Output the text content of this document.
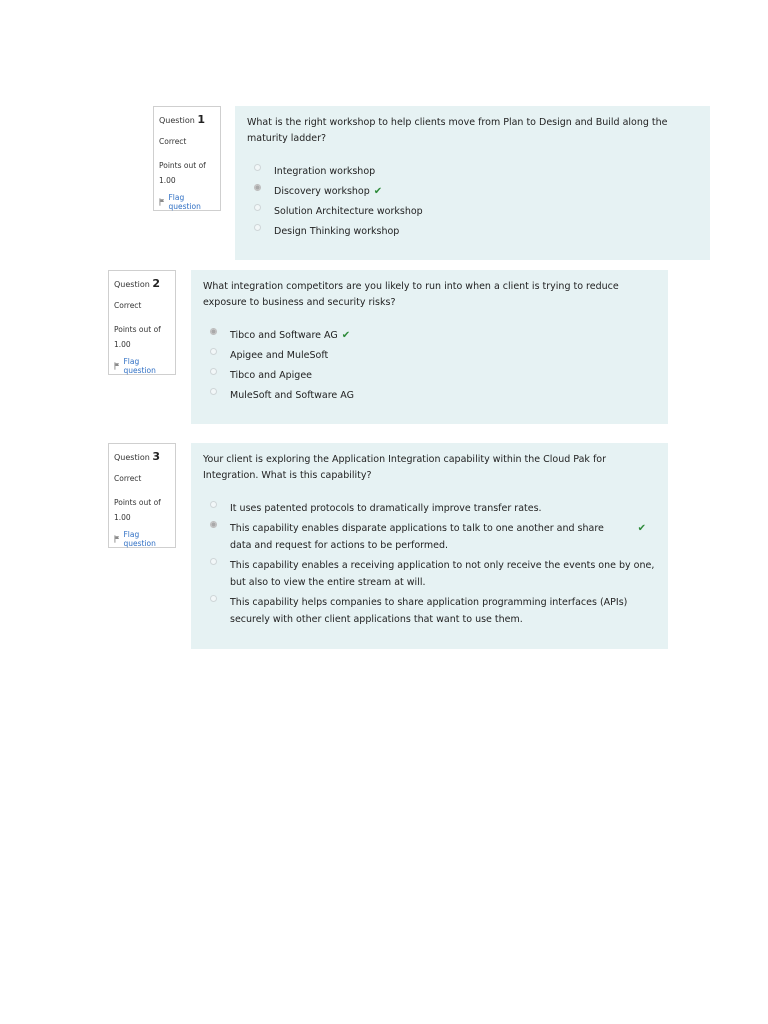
Question 1
Correct
Points out of
1.00
Flag question
What is the right workshop to help clients move from Plan to Design and Build along the maturity ladder?
Integration workshop
Discovery workshop ✔
Solution Architecture workshop
Design Thinking workshop
Question 2
Correct
Points out of
1.00
Flag question
What integration competitors are you likely to run into when a client is trying to reduce exposure to business and security risks?
Tibco and Software AG ✔
Apigee and MuleSoft
Tibco and Apigee
MuleSoft and Software AG
Question 3
Correct
Points out of
1.00
Flag question
Your client is exploring the Application Integration capability within the Cloud Pak for Integration. What is this capability?
It uses patented protocols to dramatically improve transfer rates.
This capability enables disparate applications to talk to one another and share data and request for actions to be performed.
✔
This capability enables a receiving application to not only receive the events one by one, but also to view the entire stream at will.
This capability helps companies to share application programming interfaces (APIs) securely with other client applications that want to use them.
